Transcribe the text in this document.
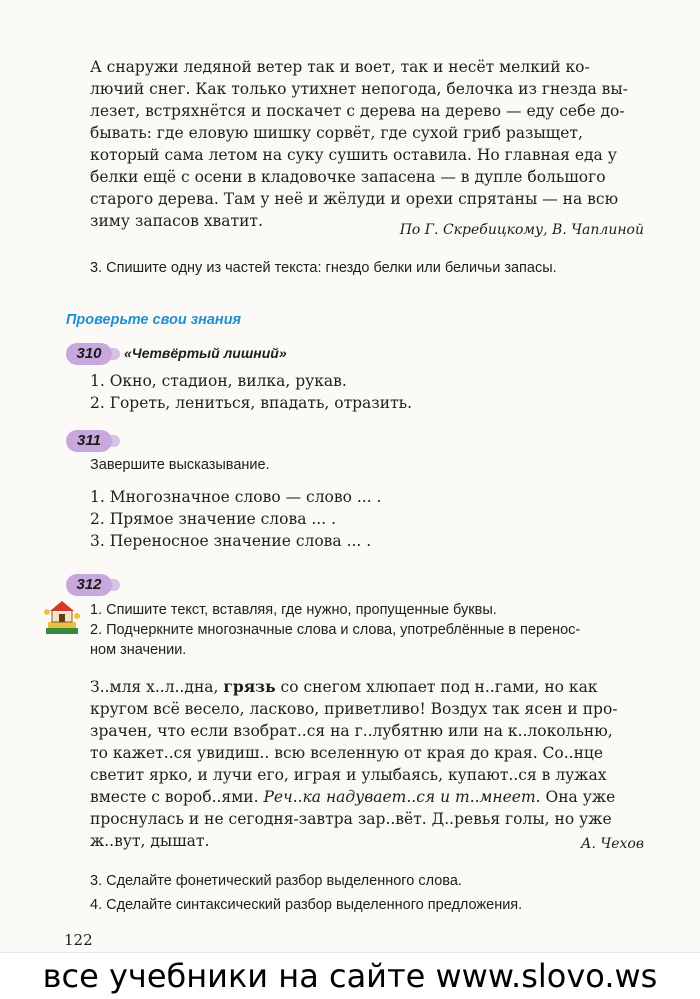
А снаружи ледяной ветер так и воет, так и несёт мелкий ко-
лючий снег. Как только утихнет непогода, белочка из гнезда вы-
лезет, встряхнётся и поскачет с дерева на дерево — еду себе до-
бывать: где еловую шишку сорвёт, где сухой гриб разыщет,
который сама летом на суку сушить оставила. Но главная еда у
белки ещё с осени в кладовочке запасена — в дупле большого
старого дерева. Там у неё и жёлуди и орехи спрятаны — на всю
зиму запасов хватит.	По Г. Скребицкому, В. Чаплиной
3. Спишите одну из частей текста: гнездо белки или беличьи запасы.
Проверьте свои знания
310	«Четвёртый лишний»
1. Окно, стадион, вилка, рукав.
2. Гореть, лениться, впадать, отразить.
311
Завершите высказывание.
1. Многозначное слово — слово ... .
2. Прямое значение слова ... .
3. Переносное значение слова ... .
312
1. Спишите текст, вставляя, где нужно, пропущенные буквы.
2. Подчеркните многозначные слова и слова, употреблённые в перенос-
ном значении.
З..мля х..л..дна, грязь со снегом хлюпает под н..гами, но как
кругом всё весело, ласково, приветливо! Воздух так ясен и про-
зрачен, что если взобрат..ся на г..лубятню или на к..локольню,
то кажет..ся увидиш.. всю вселенную от края до края. Со..нце
светит ярко, и лучи его, играя и улыбаясь, купают..ся в лужах
вместе с вороб..ями. Реч..ка надувает..ся и т..мнеет. Она уже
проснулась и не сегодня-завтра зар..вёт. Д..ревья голы, но уже
ж..вут, дышат.	А. Чехов
3. Сделайте фонетический разбор выделенного слова.
4. Сделайте синтаксический разбор выделенного предложения.
122
все учебники на сайте www.slovo.ws
